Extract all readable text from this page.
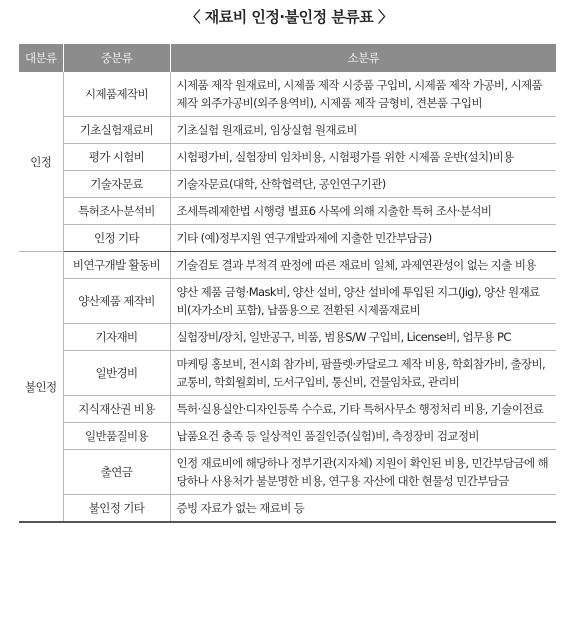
〈 재료비 인정·불인정 분류표 〉
대분류	중분류	소분류
인정	시제품제작비	시제품 제작 원재료비, 시제품 제작 시중품 구입비, 시제품 제작 가공비, 시제품 제작 외주가공비(외주용역비), 시제품 제작 금형비, 견본품 구입비
	기초실험재료비	기초실험 원재료비, 임상실험 원재료비
	평가 시험비	시험평가비, 실험장비 임차비용, 시험평가를 위한 시제품 운반(설치)비용
	기술자문료	기술자문료(대학, 산학협력단, 공인연구기관)
	특허조사·분석비	조세특례제한법 시행령 별표6 사목에 의해 지출한 특허 조사·분석비
	인정 기타	기타 (예)정부지원 연구개발과제에 지출한 민간부담금)
불인정	비연구개발 활동비	기술검토 결과 부적격 판정에 따른 재료비 일체, 과제연관성이 없는 지출 비용
	양산제품 제작비	양산 제품 금형·Mask비, 양산 설비, 양산 설비에 투입된 지그(Jig), 양산 원재료비(자가소비 포함), 납품용으로 전환된 시제품재료비
	기자재비	실험장비/장치, 일반공구, 비품, 범용S/W 구입비, License비, 업무용 PC
	일반경비	마케팅 홍보비, 전시회 참가비, 팜플렛·카달로그 제작 비용, 학회참가비, 출장비, 교통비, 학회월회비, 도서구입비, 통신비, 건물임차료, 관리비
	지식재산권 비용	특허·실용실안·디자인등록 수수료, 기타 특허사무소 행정처리 비용, 기술이전료
	일반품질비용	납품요건 충족 등 일상적인 품질인증(실험)비, 측정장비 검교정비
	출연금	인정 재료비에 해당하나 정부기관(지자체) 지원이 확인된 비용, 민간부담금에 해당하나 사용처가 불분명한 비용, 연구용 자산에 대한 현물성 민간부담금
	불인정 기타	증빙 자료가 없는 재료비 등
